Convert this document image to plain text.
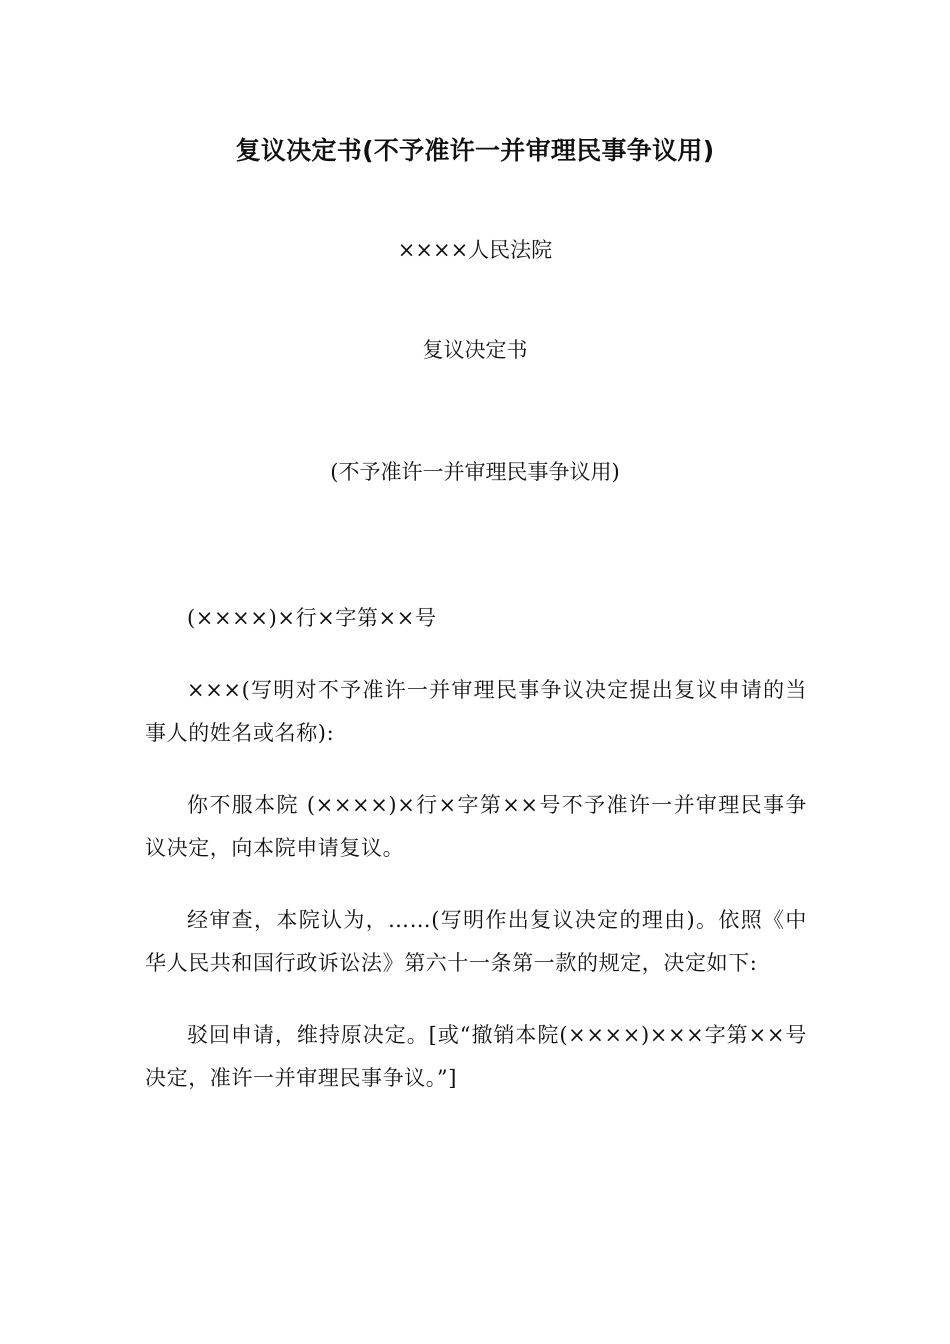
复议决定书(不予准许一并审理民事争议用)
××××人民法院
复议决定书
(不予准许一并审理民事争议用)

(××××)×行×字第××号

×××(写明对不予准许一并审理民事争议决定提出复议申请的当事人的姓名或名称):

你不服本院 (××××)×行×字第××号不予准许一并审理民事争议决定，向本院申请复议。

经审查，本院认为，……(写明作出复议决定的理由)。依照《中华人民共和国行政诉讼法》第六十一条第一款的规定，决定如下:

驳回申请，维持原决定。[或“撤销本院(××××)×××字第××号决定，准许一并审理民事争议。”]
